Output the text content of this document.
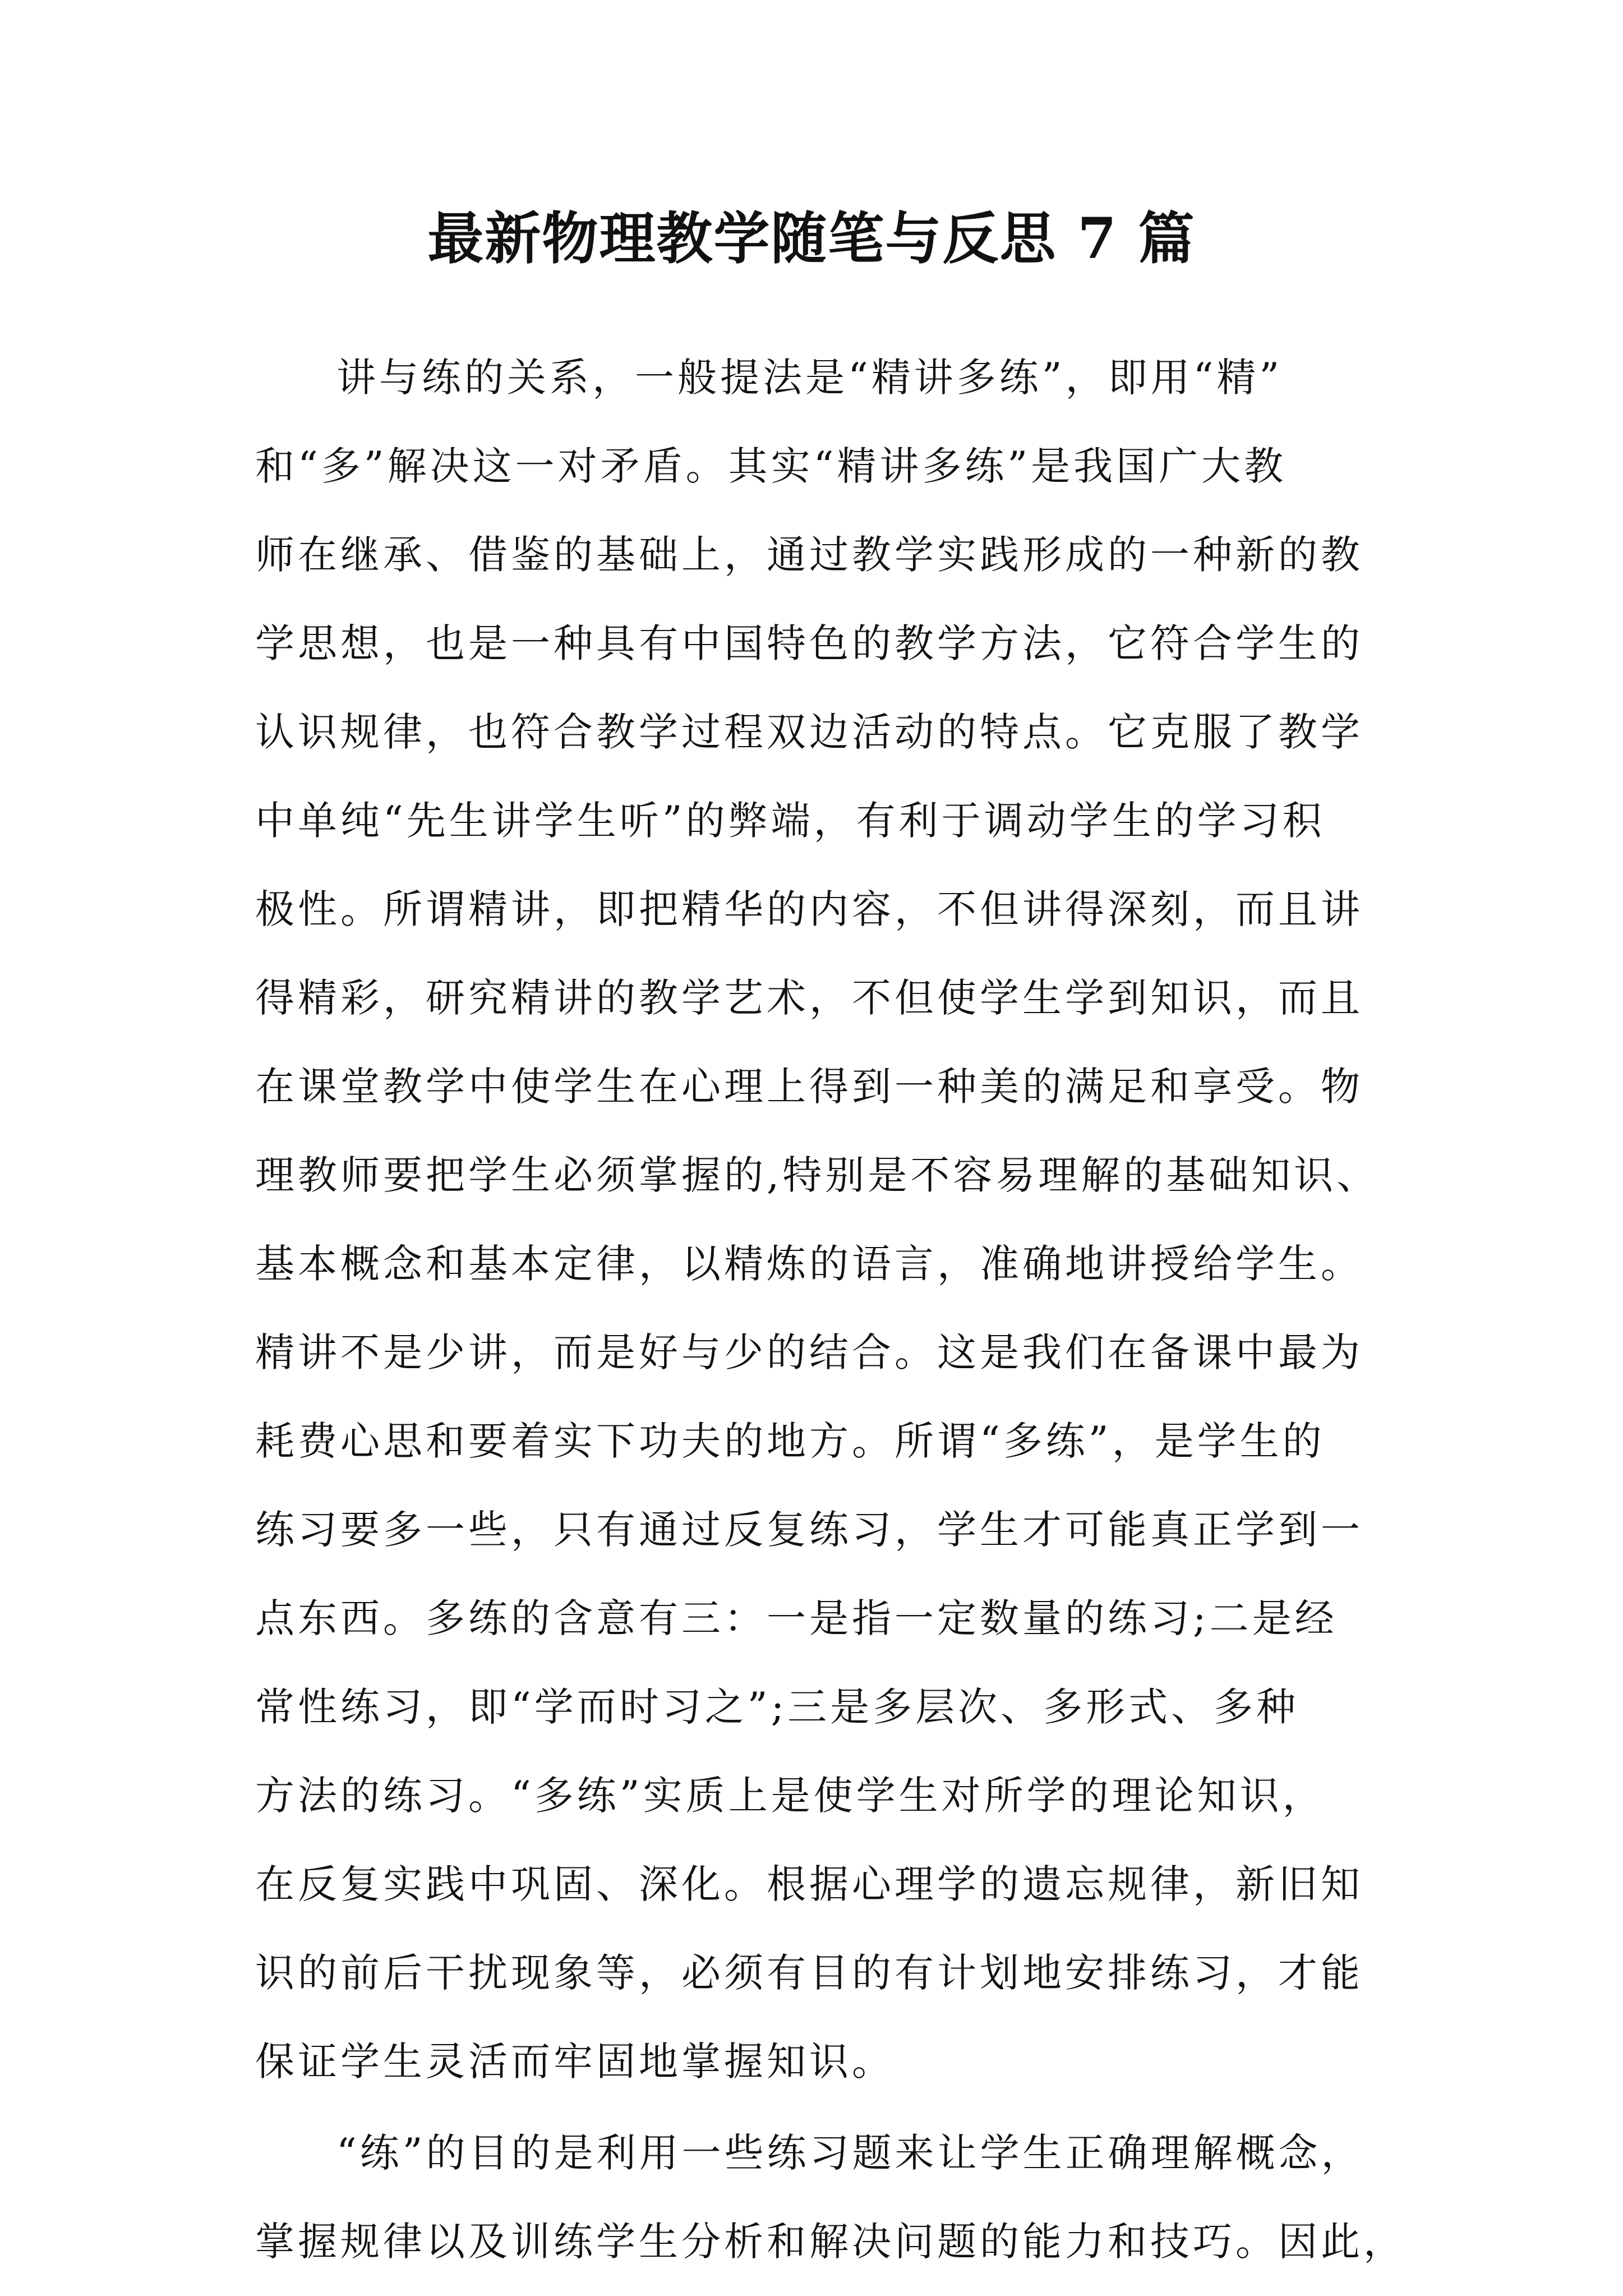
最新物理教学随笔与反思 7 篇
讲与练的关系，一般提法是“精讲多练”，即用“精”
和“多”解决这一对矛盾。其实“精讲多练”是我国广大教
师在继承、借鉴的基础上，通过教学实践形成的一种新的教
学思想，也是一种具有中国特色的教学方法，它符合学生的
认识规律，也符合教学过程双边活动的特点。它克服了教学
中单纯“先生讲学生听”的弊端，有利于调动学生的学习积
极性。所谓精讲，即把精华的内容，不但讲得深刻，而且讲
得精彩，研究精讲的教学艺术，不但使学生学到知识，而且
在课堂教学中使学生在心理上得到一种美的满足和享受。物
理教师要把学生必须掌握的,特别是不容易理解的基础知识、
基本概念和基本定律，以精炼的语言，准确地讲授给学生。
精讲不是少讲，而是好与少的结合。这是我们在备课中最为
耗费心思和要着实下功夫的地方。所谓“多练”，是学生的
练习要多一些，只有通过反复练习，学生才可能真正学到一
点东西。多练的含意有三：一是指一定数量的练习;二是经
常性练习，即“学而时习之”;三是多层次、多形式、多种
方法的练习。“多练”实质上是使学生对所学的理论知识，
在反复实践中巩固、深化。根据心理学的遗忘规律，新旧知
识的前后干扰现象等，必须有目的有计划地安排练习，才能
保证学生灵活而牢固地掌握知识。
“练”的目的是利用一些练习题来让学生正确理解概念，
掌握规律以及训练学生分析和解决问题的能力和技巧。因此，
